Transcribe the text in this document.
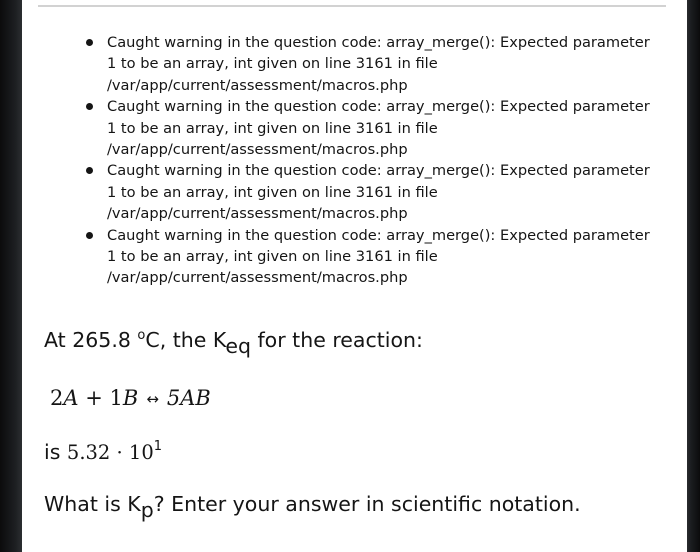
Caught warning in the question code: array_merge(): Expected parameter
1 to be an array, int given on line 3161 in file
/var/app/current/assessment/macros.php
Caught warning in the question code: array_merge(): Expected parameter
1 to be an array, int given on line 3161 in file
/var/app/current/assessment/macros.php
Caught warning in the question code: array_merge(): Expected parameter
1 to be an array, int given on line 3161 in file
/var/app/current/assessment/macros.php
Caught warning in the question code: array_merge(): Expected parameter
1 to be an array, int given on line 3161 in file
/var/app/current/assessment/macros.php
At 265.8 $^o$C, the Keq for the reaction:
2A + 1B ↔ 5AB
is $5.32 \cdot 10^1$
What is Kp? Enter your answer in scientific notation.
